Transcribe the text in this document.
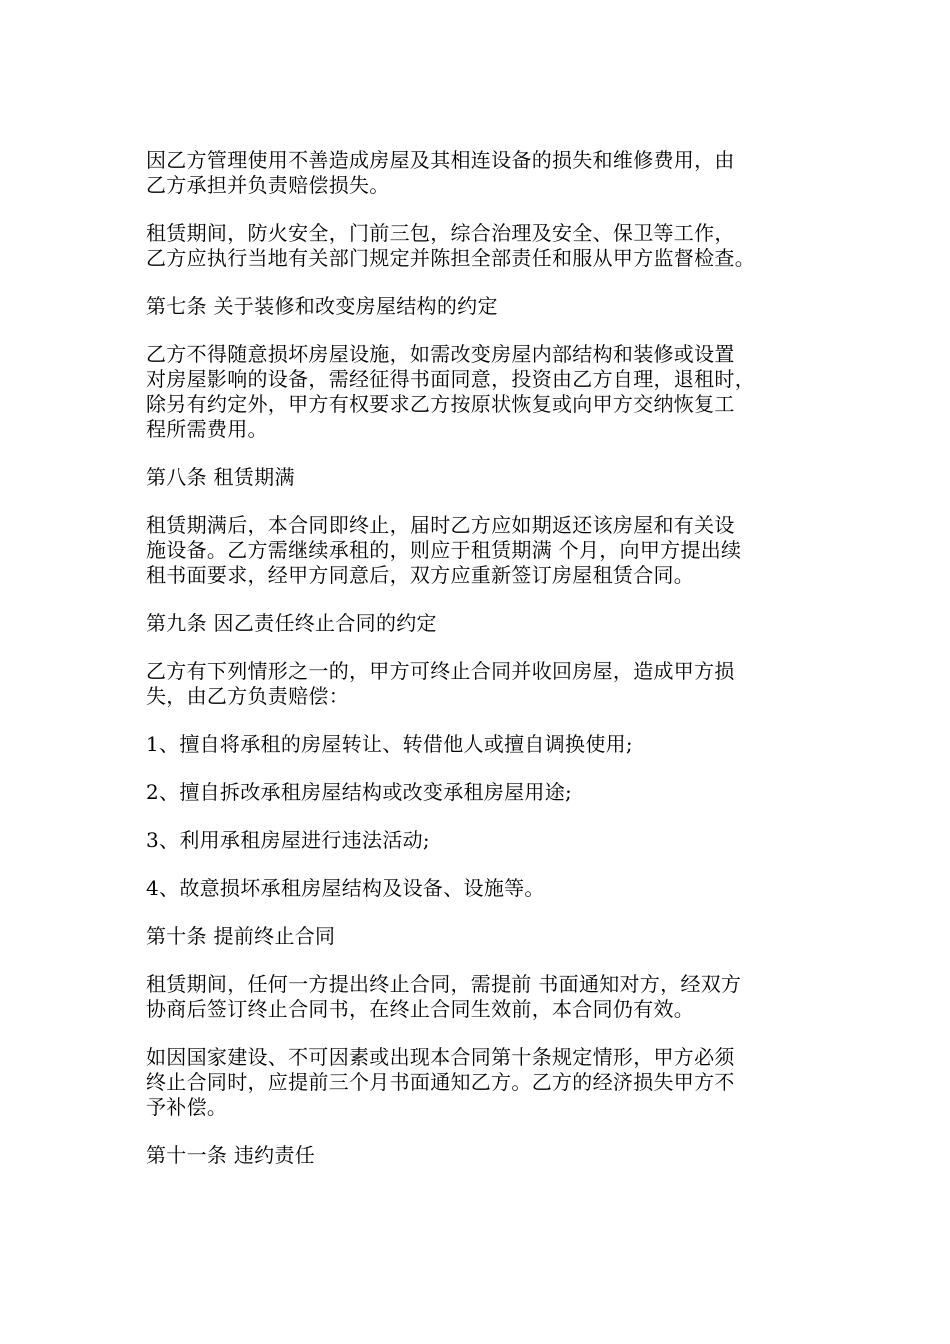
因乙方管理使用不善造成房屋及其相连设备的损失和维修费用，由
乙方承担并负责赔偿损失。

租赁期间，防火安全，门前三包，综合治理及安全、保卫等工作，
乙方应执行当地有关部门规定并陈担全部责任和服从甲方监督检查。

第七条 关于装修和改变房屋结构的约定

乙方不得随意损坏房屋设施，如需改变房屋内部结构和装修或设置
对房屋影响的设备，需经征得书面同意，投资由乙方自理，退租时，
除另有约定外，甲方有权要求乙方按原状恢复或向甲方交纳恢复工
程所需费用。

第八条 租赁期满

租赁期满后，本合同即终止，届时乙方应如期返还该房屋和有关设
施设备。乙方需继续承租的，则应于租赁期满 个月，向甲方提出续
租书面要求，经甲方同意后，双方应重新签订房屋租赁合同。

第九条 因乙责任终止合同的约定

乙方有下列情形之一的，甲方可终止合同并收回房屋，造成甲方损
失，由乙方负责赔偿：

1、擅自将承租的房屋转让、转借他人或擅自调换使用;

2、擅自拆改承租房屋结构或改变承租房屋用途;

3、利用承租房屋进行违法活动;

4、故意损坏承租房屋结构及设备、设施等。

第十条 提前终止合同

租赁期间，任何一方提出终止合同，需提前 书面通知对方，经双方
协商后签订终止合同书，在终止合同生效前，本合同仍有效。

如因国家建设、不可因素或出现本合同第十条规定情形，甲方必须
终止合同时，应提前三个月书面通知乙方。乙方的经济损失甲方不
予补偿。

第十一条 违约责任
